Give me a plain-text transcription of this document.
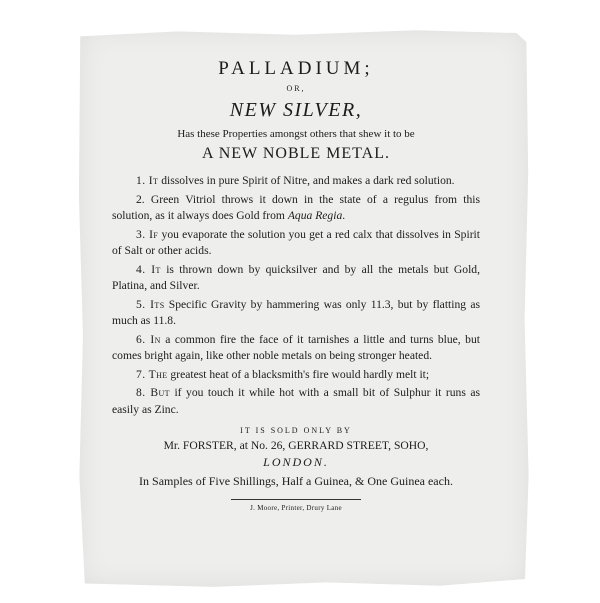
PALLADIUM;
OR,
NEW SILVER,
Has these Properties amongst others that shew it to be
A NEW NOBLE METAL.

1. It dissolves in pure Spirit of Nitre, and makes a dark red solution.

2. Green Vitriol throws it down in the state of a regulus from this solution, as it always does Gold from Aqua Regia.

3. If you evaporate the solution you get a red calx that dissolves in Spirit of Salt or other acids.

4. It is thrown down by quicksilver and by all the metals but Gold, Platina, and Silver.

5. Its Specific Gravity by hammering was only 11.3, but by flatting as much as 11.8.

6. In a common fire the face of it tarnishes a little and turns blue, but comes bright again, like other noble metals on being stronger heated.

7. The greatest heat of a blacksmith's fire would hardly melt it;

8. But if you touch it while hot with a small bit of Sulphur it runs as easily as Zinc.

IT IS SOLD ONLY BY
Mr. FORSTER, at No. 26, GERRARD STREET, SOHO,
LONDON.
In Samples of Five Shillings, Half a Guinea, & One Guinea each.
J. Moore, Printer, Drury Lane
